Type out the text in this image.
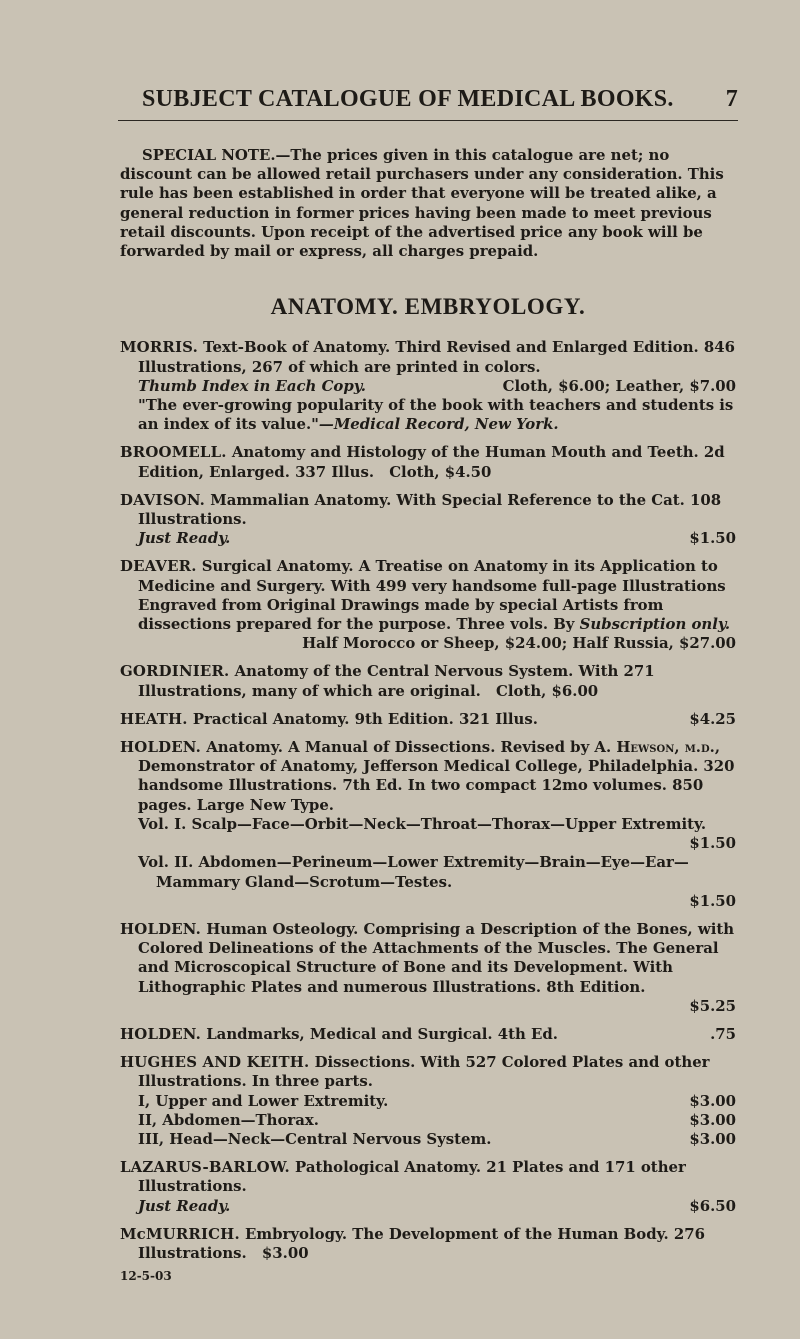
SUBJECT CATALOGUE OF MEDICAL BOOKS. 7

SPECIAL NOTE.—The prices given in this catalogue are net; no discount can be allowed retail purchasers under any consideration. This rule has been established in order that everyone will be treated alike, a general reduction in former prices having been made to meet previous retail discounts. Upon receipt of the advertised price any book will be forwarded by mail or express, all charges prepaid.

ANATOMY. EMBRYOLOGY.
MORRIS. Text-Book of Anatomy. Third Revised and Enlarged Edition. 846 Illustrations, 267 of which are printed in colors.
Thumb Index in Each Copy.	Cloth, $6.00; Leather, $7.00
"The ever-growing popularity of the book with teachers and students is an index of its value."—Medical Record, New York.
BROOMELL. Anatomy and Histology of the Human Mouth and Teeth. 2d Edition, Enlarged. 337 Illus. Cloth, $4.50
DAVISON. Mammalian Anatomy. With Special Reference to the Cat. 108 Illustrations.
Just Ready.	$1.50
DEAVER. Surgical Anatomy. A Treatise on Anatomy in its Application to Medicine and Surgery. With 499 very handsome full-page Illustrations Engraved from Original Drawings made by special Artists from dissections prepared for the purpose. Three vols. By Subscription only.
Half Morocco or Sheep, $24.00; Half Russia, $27.00
GORDINIER. Anatomy of the Central Nervous System. With 271 Illustrations, many of which are original. Cloth, $6.00
HEATH. Practical Anatomy. 9th Edition. 321 Illus.	$4.25
HOLDEN. Anatomy. A Manual of Dissections. Revised by A. Hewson, m.d., Demonstrator of Anatomy, Jefferson Medical College, Philadelphia. 320 handsome Illustrations. 7th Ed. In two compact 12mo volumes. 850 pages. Large New Type.
Vol. I. Scalp—Face—Orbit—Neck—Throat—Thorax—Upper Extremity.
$1.50
Vol. II. Abdomen—Perineum—Lower Extremity—Brain—Eye—Ear—Mammary Gland—Scrotum—Testes.
$1.50
HOLDEN. Human Osteology. Comprising a Description of the Bones, with Colored Delineations of the Attachments of the Muscles. The General and Microscopical Structure of Bone and its Development. With Lithographic Plates and numerous Illustrations. 8th Edition.
$5.25
HOLDEN. Landmarks, Medical and Surgical. 4th Ed.	.75
HUGHES AND KEITH. Dissections. With 527 Colored Plates and other Illustrations. In three parts.
I, Upper and Lower Extremity.	$3.00
II, Abdomen—Thorax.	$3.00
III, Head—Neck—Central Nervous System.	$3.00
LAZARUS-BARLOW. Pathological Anatomy. 21 Plates and 171 other Illustrations.
Just Ready.	$6.50
McMURRICH. Embryology. The Development of the Human Body. 276 Illustrations. $3.00
12-5-03
